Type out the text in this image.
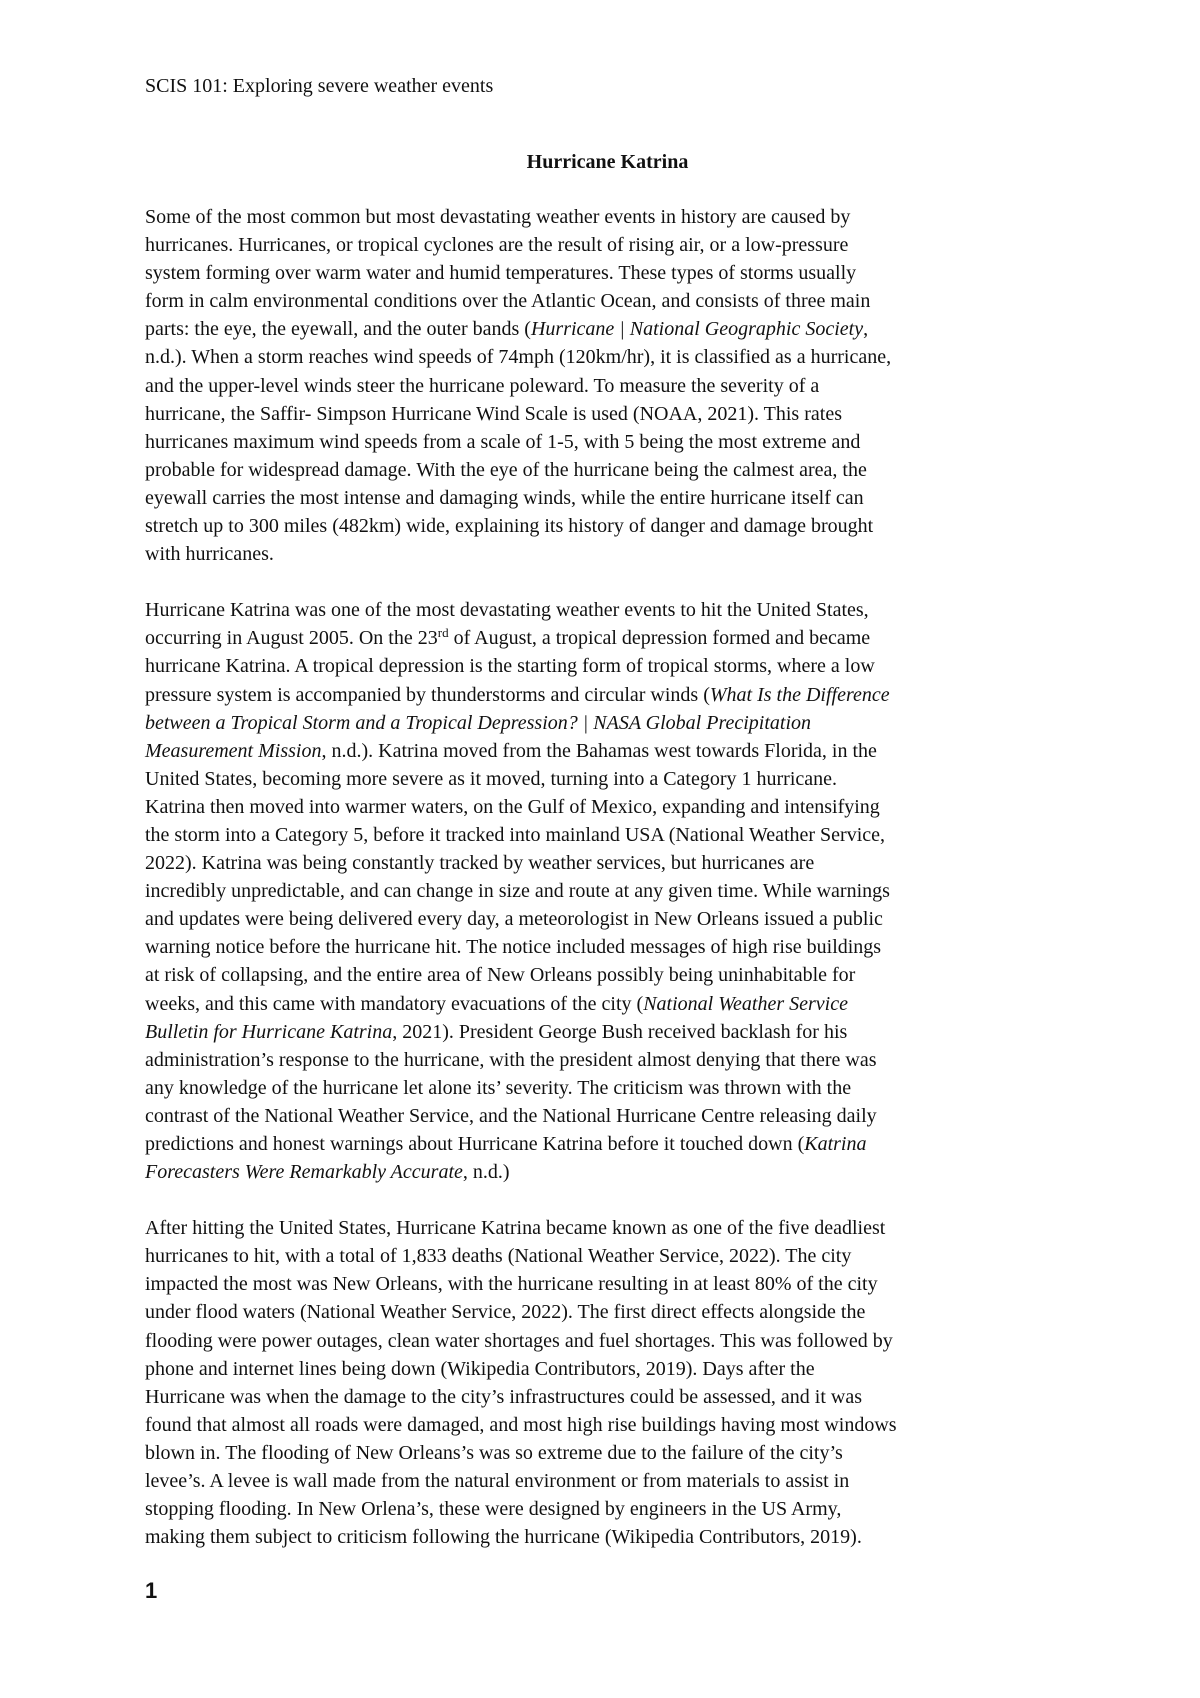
SCIS 101: Exploring severe weather events
Hurricane Katrina

Some of the most common but most devastating weather events in history are caused by
hurricanes. Hurricanes, or tropical cyclones are the result of rising air, or a low-pressure
system forming over warm water and humid temperatures. These types of storms usually
form in calm environmental conditions over the Atlantic Ocean, and consists of three main
parts: the eye, the eyewall, and the outer bands (Hurricane | National Geographic Society,
n.d.). When a storm reaches wind speeds of 74mph (120km/hr), it is classified as a hurricane,
and the upper-level winds steer the hurricane poleward. To measure the severity of a
hurricane, the Saffir- Simpson Hurricane Wind Scale is used (NOAA, 2021). This rates
hurricanes maximum wind speeds from a scale of 1-5, with 5 being the most extreme and
probable for widespread damage. With the eye of the hurricane being the calmest area, the
eyewall carries the most intense and damaging winds, while the entire hurricane itself can
stretch up to 300 miles (482km) wide, explaining its history of danger and damage brought
with hurricanes.

Hurricane Katrina was one of the most devastating weather events to hit the United States,
occurring in August 2005. On the 23rd of August, a tropical depression formed and became
hurricane Katrina. A tropical depression is the starting form of tropical storms, where a low
pressure system is accompanied by thunderstorms and circular winds (What Is the Difference
between a Tropical Storm and a Tropical Depression? | NASA Global Precipitation
Measurement Mission, n.d.). Katrina moved from the Bahamas west towards Florida, in the
United States, becoming more severe as it moved, turning into a Category 1 hurricane.
Katrina then moved into warmer waters, on the Gulf of Mexico, expanding and intensifying
the storm into a Category 5, before it tracked into mainland USA (National Weather Service,
2022). Katrina was being constantly tracked by weather services, but hurricanes are
incredibly unpredictable, and can change in size and route at any given time. While warnings
and updates were being delivered every day, a meteorologist in New Orleans issued a public
warning notice before the hurricane hit. The notice included messages of high rise buildings
at risk of collapsing, and the entire area of New Orleans possibly being uninhabitable for
weeks, and this came with mandatory evacuations of the city (National Weather Service
Bulletin for Hurricane Katrina, 2021). President George Bush received backlash for his
administration’s response to the hurricane, with the president almost denying that there was
any knowledge of the hurricane let alone its’ severity. The criticism was thrown with the
contrast of the National Weather Service, and the National Hurricane Centre releasing daily
predictions and honest warnings about Hurricane Katrina before it touched down (Katrina
Forecasters Were Remarkably Accurate, n.d.)

After hitting the United States, Hurricane Katrina became known as one of the five deadliest
hurricanes to hit, with a total of 1,833 deaths (National Weather Service, 2022). The city
impacted the most was New Orleans, with the hurricane resulting in at least 80% of the city
under flood waters (National Weather Service, 2022). The first direct effects alongside the
flooding were power outages, clean water shortages and fuel shortages. This was followed by
phone and internet lines being down (Wikipedia Contributors, 2019). Days after the
Hurricane was when the damage to the city’s infrastructures could be assessed, and it was
found that almost all roads were damaged, and most high rise buildings having most windows
blown in. The flooding of New Orleans’s was so extreme due to the failure of the city’s
levee’s. A levee is wall made from the natural environment or from materials to assist in
stopping flooding. In New Orlena’s, these were designed by engineers in the US Army,
making them subject to criticism following the hurricane (Wikipedia Contributors, 2019).

1
